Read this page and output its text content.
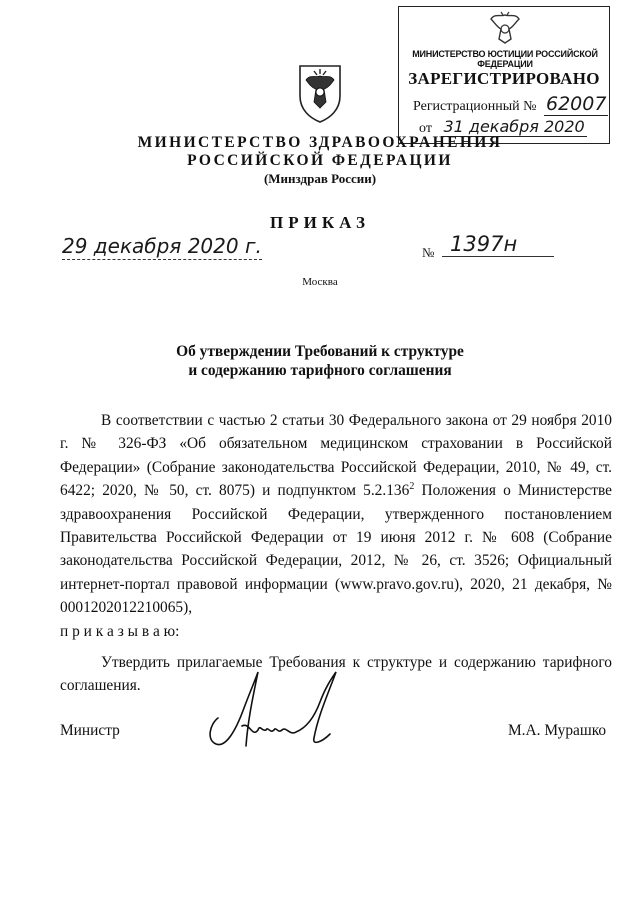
МИНИСТЕРСТВО ЮСТИЦИИ РОССИЙСКОЙ ФЕДЕРАЦИИ
ЗАРЕГИСТРИРОВАНО
Регистрационный № 62007
от 31 декабря 2020
МИНИСТЕРСТВО ЗДРАВООХРАНЕНИЯ
РОССИЙСКОЙ ФЕДЕРАЦИИ
(Минздрав России)
ПРИКАЗ
29 декабря 2020 г.	№ 1397н
Москва
Об утверждении Требований к структуре
и содержанию тарифного соглашения

В соответствии с частью 2 статьи 30 Федерального закона от 29 ноября 2010 г. № 326-ФЗ «Об обязательном медицинском страховании в Российской Федерации» (Собрание законодательства Российской Федерации, 2010, № 49, ст. 6422; 2020, № 50, ст. 8075) и подпунктом 5.2.136$^2$ Положения о Министерстве здравоохранения Российской Федерации, утвержденного постановлением Правительства Российской Федерации от 19 июня 2012 г. № 608 (Собрание законодательства Российской Федерации, 2012, № 26, ст. 3526; Официальный интернет-портал правовой информации (www.pravo.gov.ru), 2020, 21 декабря, № 0001202012210065),

п р и к а з ы в а ю:

Утвердить прилагаемые Требования к структуре и содержанию тарифного соглашения.

Министр	М.А. Мурашко
